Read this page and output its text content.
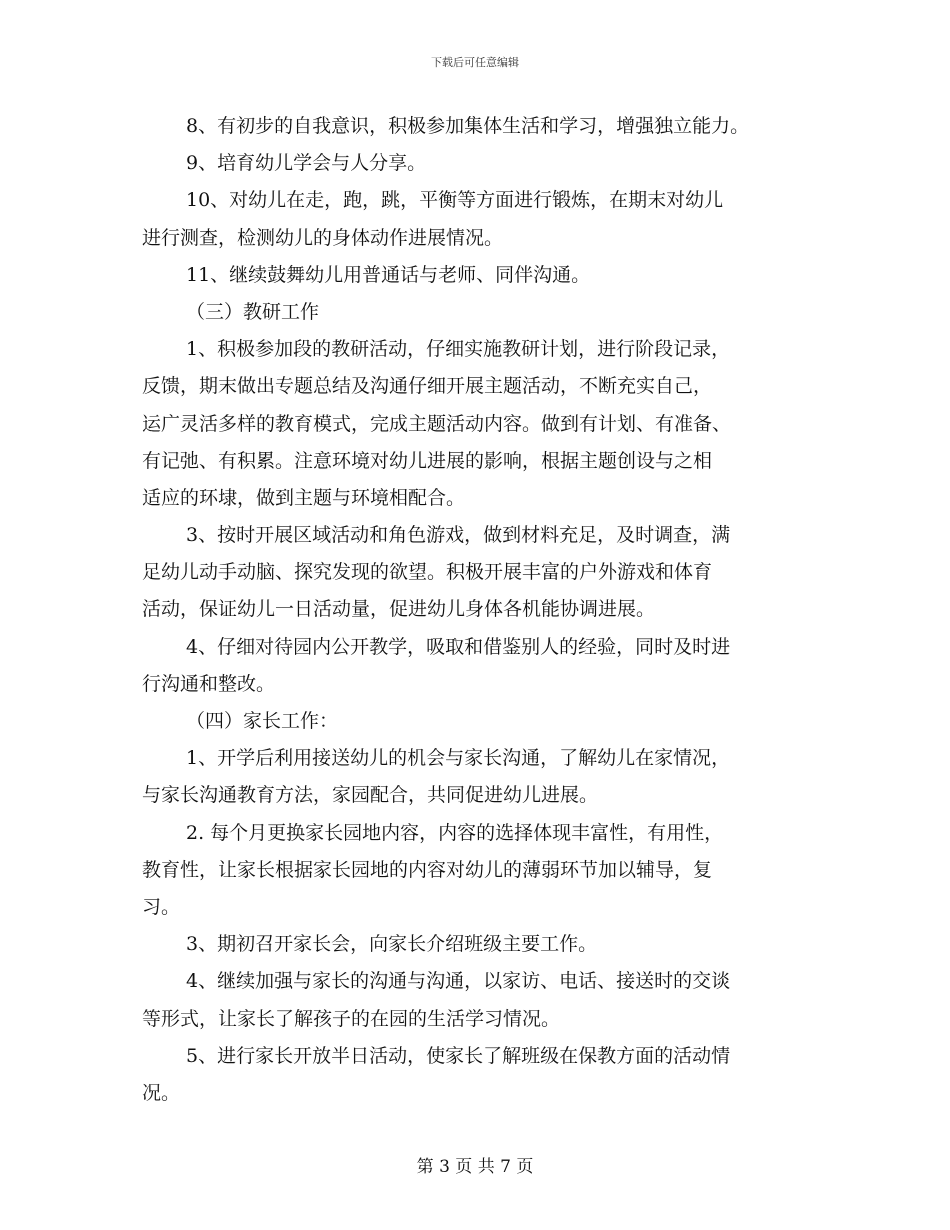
下载后可任意编辑
8、有初步的自我意识，积极参加集体生活和学习，增强独立能力。
9、培育幼儿学会与人分享。
10、对幼儿在走，跑，跳，平衡等方面进行锻炼，在期末对幼儿
进行测查，检测幼儿的身体动作进展情况。
11、继续鼓舞幼儿用普通话与老师、同伴沟通。
（三）教研工作
1、积极参加段的教研活动，仔细实施教研计划，进行阶段记录，
反馈，期末做出专题总结及沟通仔细开展主题活动，不断充实自己，
运广灵活多样的教育模式，完成主题活动内容。做到有计划、有准备、
有记弛、有积累。注意环境对幼儿进展的影响，根据主题创设与之相
适应的环埭，做到主题与环境相配合。
3、按时开展区域活动和角色游戏，做到材料充足，及时调查，满
足幼儿动手动脑、探究发现的欲望。积极开展丰富的户外游戏和体育
活动，保证幼儿一日活动量，促进幼儿身体各机能协调进展。
4、仔细对待园内公开教学，吸取和借鉴别人的经验，同时及时进
行沟通和整改。
（四）家长工作：
1、开学后利用接送幼儿的机会与家长沟通，了解幼儿在家情况，
与家长沟通教育方法，家园配合，共同促进幼儿进展。
2. 每个月更换家长园地内容，内容的选择体现丰富性，有用性，
教育性，让家长根据家长园地的内容对幼儿的薄弱环节加以辅导，复
习。
3、期初召开家长会，向家长介绍班级主要工作。
4、继续加强与家长的沟通与沟通，以家访、电话、接送时的交谈
等形式，让家长了解孩子的在园的生活学习情况。
5、进行家长开放半日活动，使家长了解班级在保教方面的活动情
况。
第 3 页 共 7 页
